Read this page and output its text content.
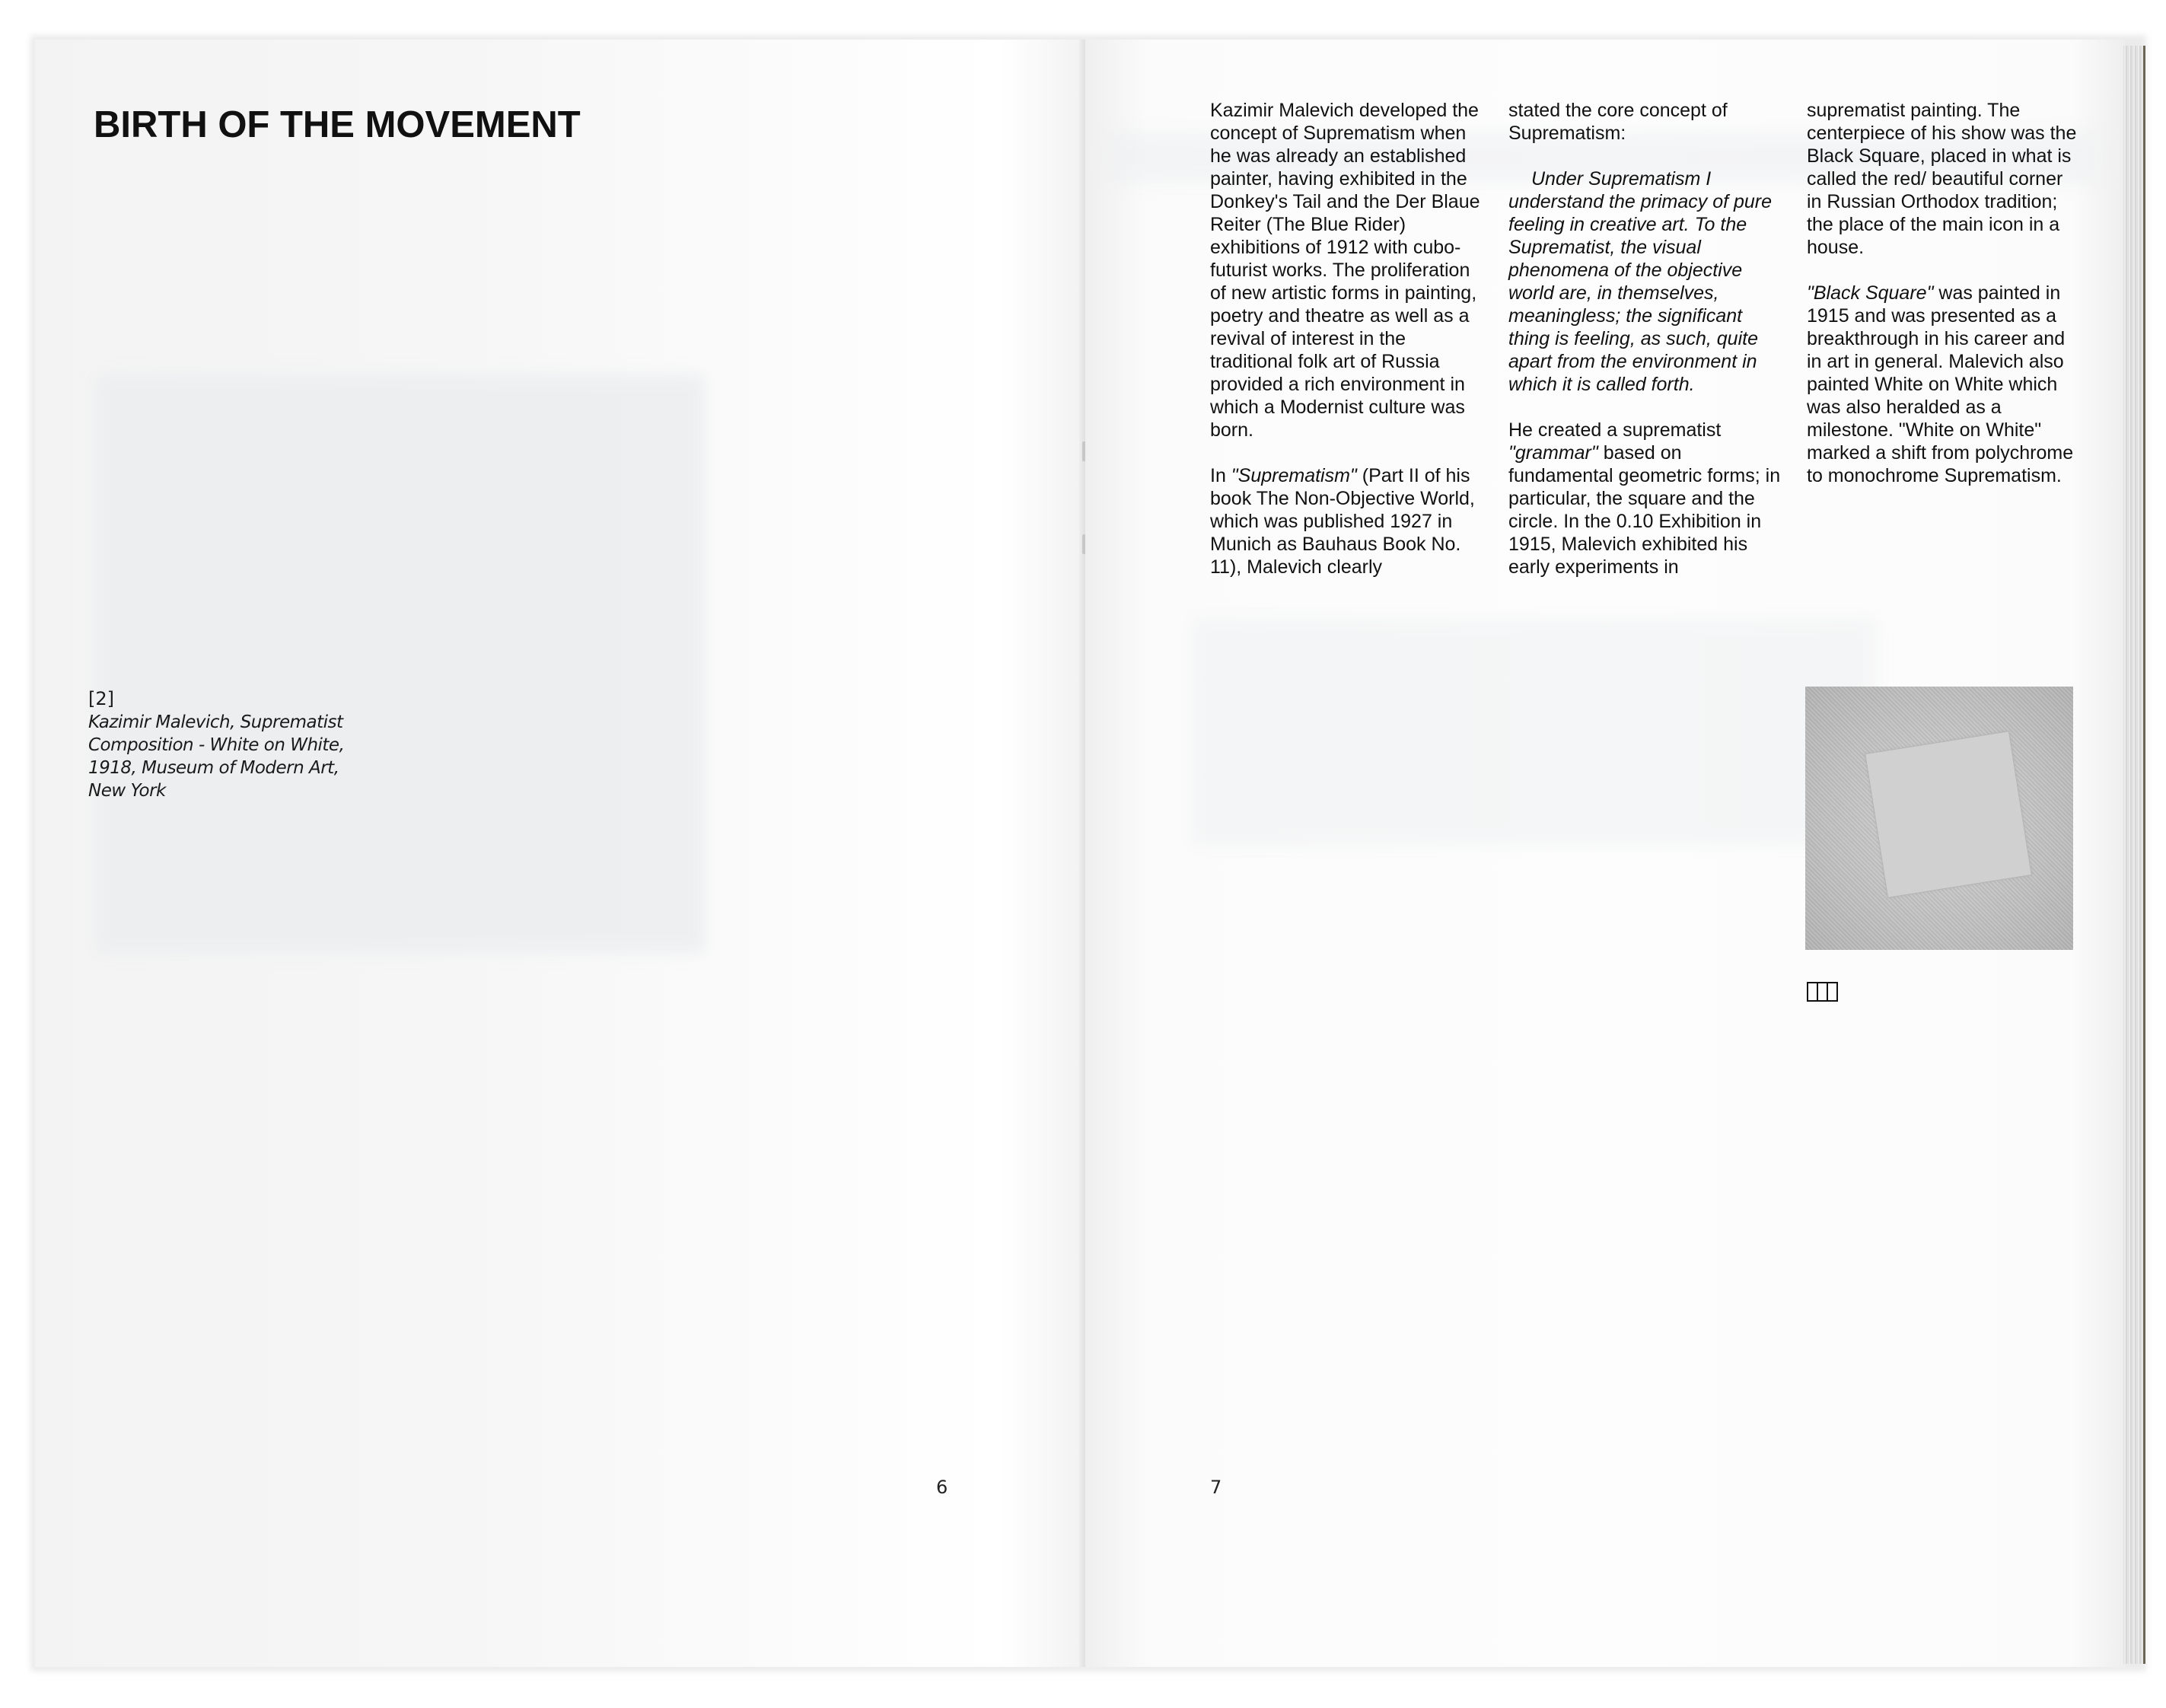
BIRTH OF THE MOVEMENT
[2]
Kazimir Malevich, Suprematist Composition - White on White, 1918, Museum of Modern Art, New York
6

Kazimir Malevich developed the concept of Suprematism when he was already an established painter, having exhibited in the Donkey's Tail and the Der Blaue Reiter (The Blue Rider) exhibitions of 1912 with cubo-futurist works. The proliferation of new artistic forms in painting, poetry and theatre as well as a revival of interest in the traditional folk art of Russia provided a rich environment in which a Modernist culture was born.

In "Suprematism" (Part II of his book The Non-Objective World, which was published 1927 in Munich as Bauhaus Book No. 11), Malevich clearly

stated the core concept of Suprematism:

Under Suprematism I understand the primacy of pure feeling in creative art. To the Suprematist, the visual phenomena of the objective world are, in themselves, meaningless; the significant thing is feeling, as such, quite apart from the environment in which it is called forth.

He created a suprematist "grammar" based on fundamental geometric forms; in particular, the square and the circle. In the 0.10 Exhibition in 1915, Malevich exhibited his early experiments in

suprematist painting. The centerpiece of his show was the Black Square, placed in what is called the red/ beautiful corner in Russian Orthodox tradition; the place of the main icon in a house.

"Black Square" was painted in 1915 and was presented as a breakthrough in his career and in art in general. Malevich also painted White on White which was also heralded as a milestone. "White on White" marked a shift from polychrome to monochrome Suprematism.

7
